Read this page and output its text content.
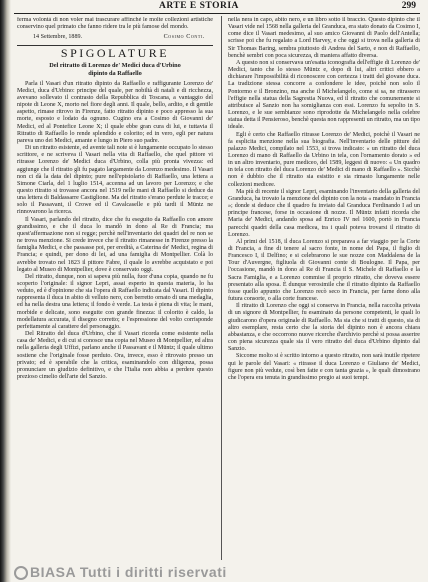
ARTE E STORIA	299

ferma volontà di non voler mai trascurare affinchè le molte collezioni artistiche conservino quel primato che fanno ridere tra le più famose del mondo.

14 Settembre, 1889.	Cosimo Conti.
SPIGOLATURE
Del ritratto di Lorenzo de' Medici duca d'Urbino
dipinto da Raffaello

Parla il Vasari d'un ritratto dipinto da Raffaello e raffigurante Lorenzo de' Medici, duca d'Urbino: principe del quale, per nobiltà di natali e di ricchezza, avevano sollevato il contrasto della Repubblica di Toscana, a vantaggio del nipote di Leone X, morto nel fiore degli anni. Il quale, bello, ardito, e di gentile aspetto, rimase ritrovo in Firenze, fatto ritratto dipinto e poco appresso la sua morte, esposto e lodato da ognuno. Cugino era a Cosimo di Giovanni de' Medici, ed al Pontefice Leone X; il quale ebbe gran cura di lui, e tuttavia il Ritratto di Raffaello lo rende splendido e colorito; ed in vero, egli per natura pareva uno dei Medici, amante e lungo in Piero suo padre.

Di un ritratto esistente, ed avente tali note si è lungamente occupato lo stesso scrittore, e ne scriveva il Vasari nella vita di Raffaello, che quel pittore vi ritrasse Lorenzo de' Medici duca d'Urbino, colla più pronta vivezza: ed aggiunge che il ritratto gli fu pagato largamente da Lorenzo medesimo. Il Vasari non ci dà la data del dipinto; pure nell'epistolario di Raffaello, una lettera a Simone Ciarla, del 1 luglio 1514, accenna ad un lavoro per Lorenzo; e che questo ritratto si trovasse ancora nel 1519 nelle mani di Raffaello si deduce da una lettera di Baldassarre Castiglione. Ma del ritratto s'erano perdute le tracce; e solo il Passavant, il Crowe ed il Cavalcaselle e più tardi il Müntz ne rinnovarono la ricerca.

Il Vasari, parlando del ritratto, dice che fu eseguito da Raffaello con amore grandissimo, e che il duca lo mandò in dono al Re di Francia; ma quest'affermazione non si regge; perchè nell'inventario dei quadri del re non se ne trova menzione. Si crede invece che il ritratto rimanesse in Firenze presso la famiglia Medici, e che passasse poi, per eredità, a Caterina de' Medici, regina di Francia; e quindi, per dono di lei, ad una famiglia di Montpellier. Colà lo avrebbe trovato nel 1823 il pittore Fabre, il quale lo avrebbe acquistato e poi legato al Museo di Montpellier, dove è conservato oggi.

Del ritratto, dunque, non si sapeva più nulla, fuor d'una copia, quando ne fu scoperto l'originale: il signor Lepri, assai esperto in questa materia, lo ha veduto, ed è d'opinione che sia l'opera di Raffaello indicata dal Vasari. Il dipinto rappresenta il duca in abito di velluto nero, con berretto ornato di una medaglia, ed ha nella destra una lettera; il fondo è verde. La testa è piena di vita; le mani, morbide e delicate, sono eseguite con grande finezza: il colorito è caldo, la modellatura accurata, il disegno corretto; e l'espressione del volto corrisponde perfettamente al carattere del personaggio.

Del Ritratto del duca d'Urbino, che il Vasari ricorda come esistente nella casa de' Medici, e di cui si conosce una copia nel Museo di Montpellier, ed altra nella galleria degli Uffizi, parlano anche il Passavant e il Müntz; il quale ultimo sostiene che l'originale fosse perduto. Ora, invece, esso è ritrovato presso un privato; ed è sperabile che la critica, esaminandolo con diligenza, possa pronunciare un giudizio definitivo, e che l'Italia non abbia a perdere questo prezioso cimelio dell'arte del Sanzio.

nella nera in capo, abito nero, e un libro sotto il braccio. Questo dipinto che il Vasari vide nel 1568 nella galleria del Granduca, era stato donato da Cosimo I, come dice il Vasari medesimo, al suo amico Giovanni di Paolo dell'Antella; scrisse poi che fu regalato a Lord Harvey, e che oggi si trova nella galleria di Sir Thomas Baring, sembra piuttosto di Andrea del Sarto, e non di Raffaello, benchè sembri con poca sicurezza, di maniera affatto diversa.

A questo non si conservava un'esatta iconografia dell'effigie di Lorenzo de' Medici, tanto che lo stesso Müntz e, dopo di lui, altri critici ebbero a dichiarare l'impossibilità di riconoscere con certezza i tratti del giovane duca. La tradizione stessa concorre a confondere le idee, poichè non solo il Pontormo e il Bronzino, ma anche il Michelangelo, come si sa, ne ritrassero l'effigie nella statua della Sagrestia Nuova, ed il ritratto che comunemente si attribuisce al Sanzio non ha somiglianza con essi. Lorenzo fu sepolto in S. Lorenzo, e le sue sembianze sono riprodotte da Michelangelo nella celebre statua detta il Pensieroso, benchè questa non rappresenti un ritratto, ma un tipo ideale.

Egli è certo che Raffaello ritrasse Lorenzo de' Medici, poichè il Vasari ne fa esplicita menzione nella sua biografia. Nell'inventario delle pitture del palazzo Medici, compilato nel 1553, si trova indicato: « un ritratto del duca Lorenzo di mano di Raffaello da Urbino in tela, con l'ornamento dorato » ed in un altro inventario, pure mediceo, del 1589, leggesi di nuovo: « Un quadro in tela con ritratto del duca Lorenzo de' Medici di mano di Raffaello ». Sicchè non è dubbio che il ritratto sia esistito e sia rimasto lungamente nelle collezioni medicee.

Ma più di recente il signor Lepri, esaminando l'inventario della galleria del Granduca, ha trovato la menzione del dipinto con la nota « mandato in Francia »; donde si deduce che il quadro fu inviato dal Granduca Ferdinando I ad un principe francese, forse in occasione di nozze. Il Müntz infatti ricorda che Maria de' Medici, andando sposa ad Enrico IV nel 1600, portò in Francia parecchi quadri della casa medicea, tra i quali poteva trovarsi il ritratto di Lorenzo.

Al primi del 1518, il duca Lorenzo si preparava a far viaggio per la Corte di Francia, a fine di tenere al sacro fonte, in nome del Papa, il figlio di Francesco I, il Delfino; e si celebrarono le sue nozze con Maddalena de la Tour d'Auvergne, figliuola di Giovanni conte di Boulogne. Il Papa, per l'occasione, mandò in dono al Re di Francia il S. Michele di Raffaello e la Sacra Famiglia, e a Lorenzo commise il proprio ritratto, che doveva essere presentato alla sposa. È dunque verosimile che il ritratto dipinto da Raffaello fosse quello appunto che Lorenzo recò seco in Francia, per farne dono alla futura consorte, o alla corte francese.

Il ritratto di Lorenzo che oggi si conserva in Francia, nella raccolta privata di un signore di Montpellier, fu esaminato da persone competenti, le quali lo giudicarono d'opera originale di Raffaello. Ma sia che si tratti di questo, sia di altro esemplare, resta certo che la storia del dipinto non è ancora chiara abbastanza, e che occorrono nuove ricerche d'archivio perchè si possa asserire con piena sicurezza quale sia il vero ritratto del duca d'Urbino dipinto dal Sanzio.

Siccome molto si è scritto intorno a questo ritratto, non sarà inutile ripetere qui le parole del Vasari: « ritrasse il duca Lorenzo e Giuliano de' Medici, figure non più vedute, così ben fatte e con tanta grazia », le quali dimostrano che l'opera era tenuta in grandissimo pregio ai suoi tempi.

BIASA Tutti i diritti riservati
